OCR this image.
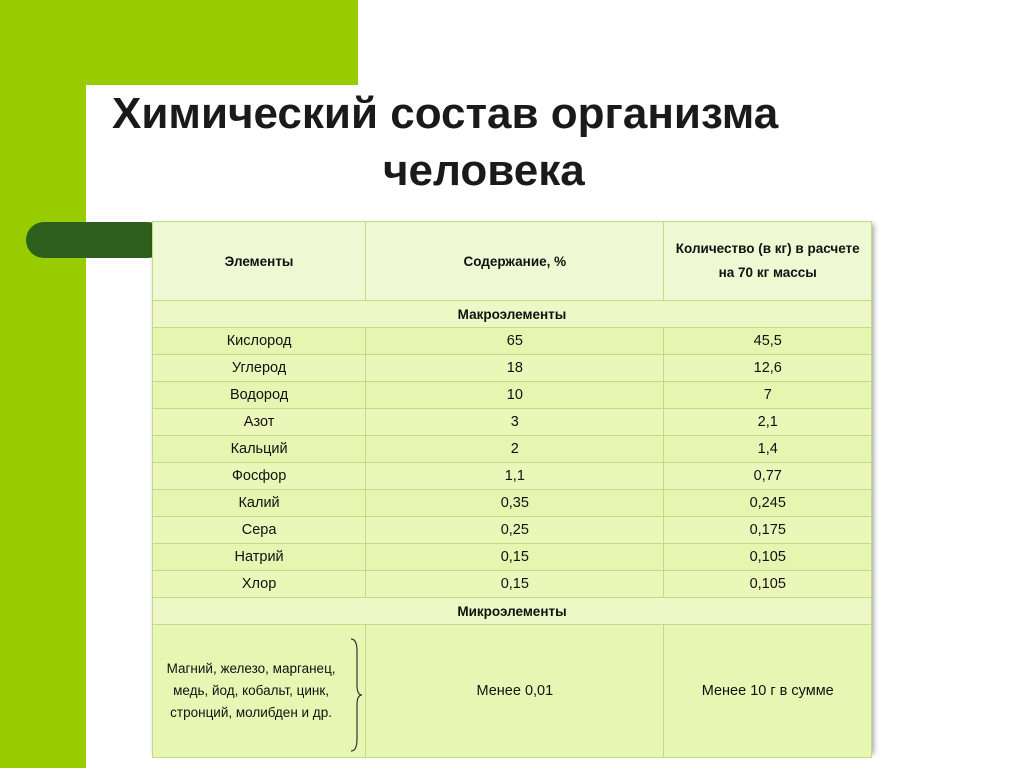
Химический состав организма
человека
Элементы	Содержание, %	Количество (в кг) в расчете на 70 кг массы
Макроэлементы		
Кислород	65	45,5
Углерод	18	12,6
Водород	10	7
Азот	3	2,1
Кальций	2	1,4
Фосфор	1,1	0,77
Калий	0,35	0,245
Сера	0,25	0,175
Натрий	0,15	0,105
Хлор	0,15	0,105
Микроэлементы		
Магний, железо, марганец,
медь, йод, кобальт, цинк,
стронций, молибден и др.	Менее 0,01	Менее 10 г в сумме
